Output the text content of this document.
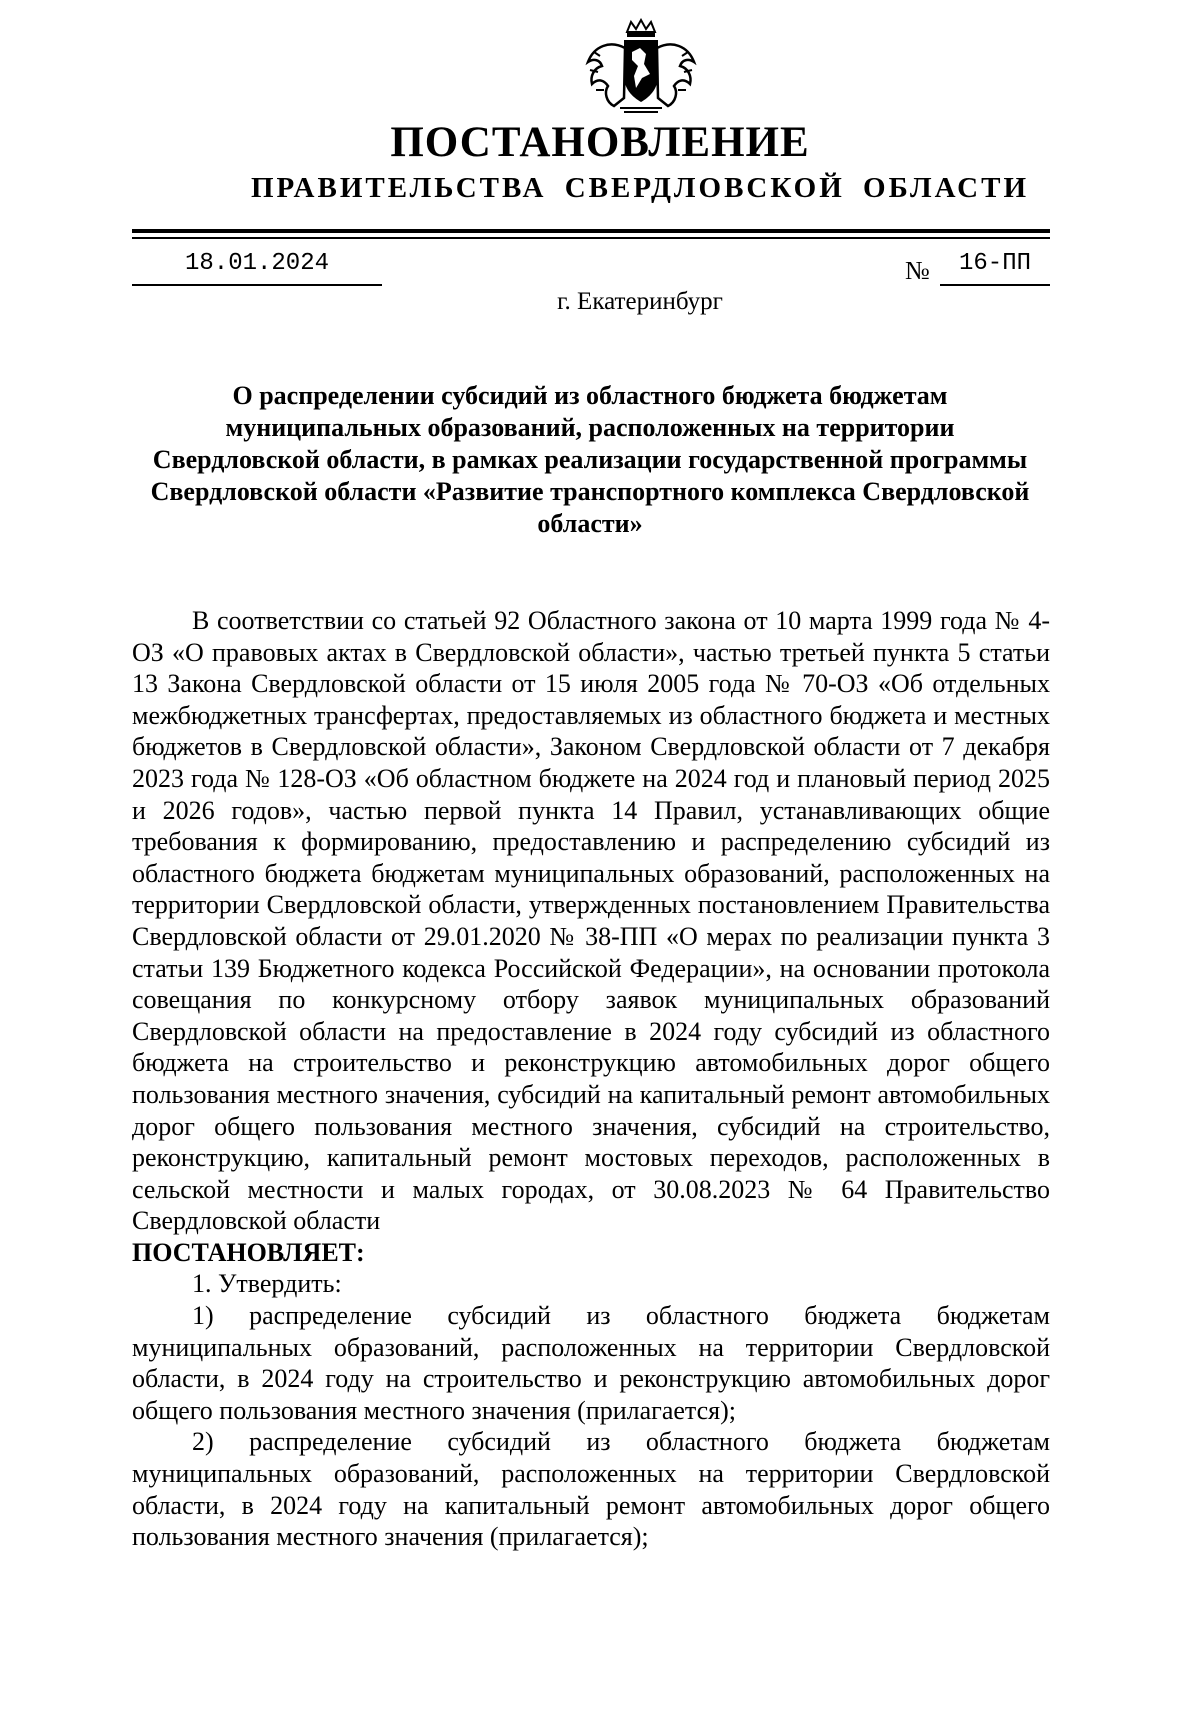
ПОСТАНОВЛЕНИЕ
ПРАВИТЕЛЬСТВА СВЕРДЛОВСКОЙ ОБЛАСТИ
18.01.2024	№	16-ПП
г. Екатеринбург
О распределении субсидий из областного бюджета бюджетам муниципальных образований, расположенных на территории Свердловской области, в рамках реализации государственной программы Свердловской области «Развитие транспортного комплекса Свердловской области»

В соответствии со статьей 92 Областного закона от 10 марта 1999 года № 4-ОЗ «О правовых актах в Свердловской области», частью третьей пункта 5 статьи 13 Закона Свердловской области от 15 июля 2005 года № 70-ОЗ «Об отдельных межбюджетных трансфертах, предоставляемых из областного бюджета и местных бюджетов в Свердловской области», Законом Свердловской области от 7 декабря 2023 года № 128-ОЗ «Об областном бюджете на 2024 год и плановый период 2025 и 2026 годов», частью первой пункта 14 Правил, устанавливающих общие требования к формированию, предоставлению и распределению субсидий из областного бюджета бюджетам муниципальных образований, расположенных на территории Свердловской области, утвержденных постановлением Правительства Свердловской области от 29.01.2020 № 38-ПП «О мерах по реализации пункта 3 статьи 139 Бюджетного кодекса Российской Федерации», на основании протокола совещания по конкурсному отбору заявок муниципальных образований Свердловской области на предоставление в 2024 году субсидий из областного бюджета на строительство и реконструкцию автомобильных дорог общего пользования местного значения, субсидий на капитальный ремонт автомобильных дорог общего пользования местного значения, субсидий на строительство, реконструкцию, капитальный ремонт мостовых переходов, расположенных в сельской местности и малых городах, от 30.08.2023 № 64 Правительство Свердловской области

ПОСТАНОВЛЯЕТ:

1. Утвердить:

1) распределение субсидий из областного бюджета бюджетам муниципальных образований, расположенных на территории Свердловской области, в 2024 году на строительство и реконструкцию автомобильных дорог общего пользования местного значения (прилагается);

2) распределение субсидий из областного бюджета бюджетам муниципальных образований, расположенных на территории Свердловской области, в 2024 году на капитальный ремонт автомобильных дорог общего пользования местного значения (прилагается);
